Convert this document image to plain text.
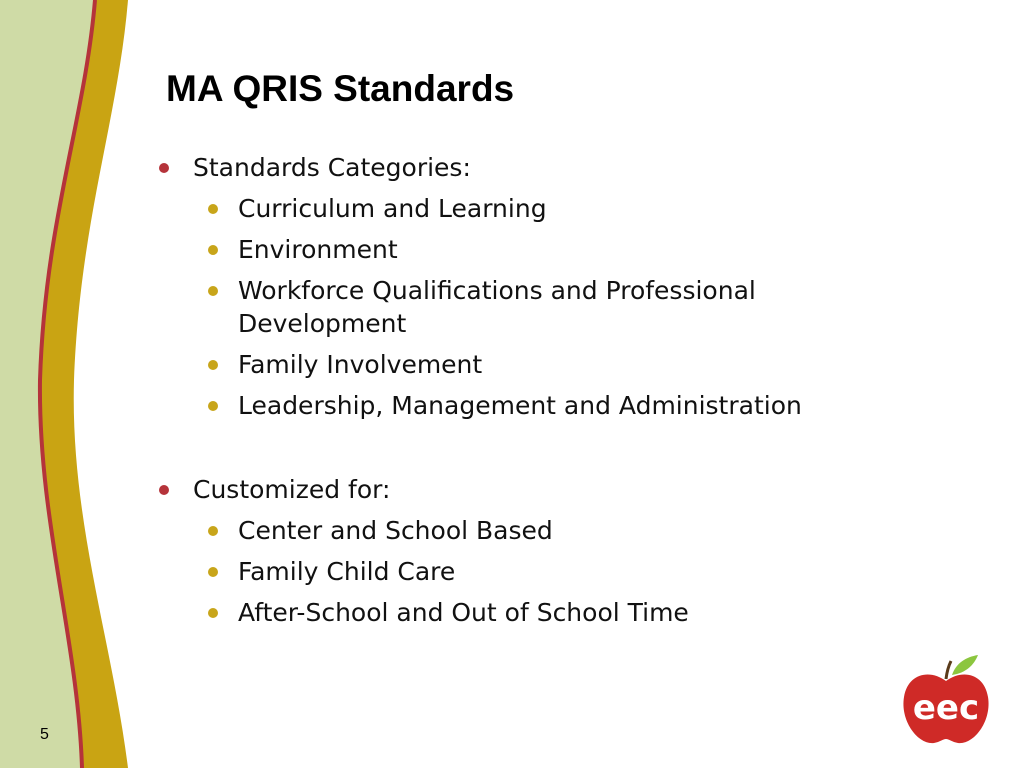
MA QRIS Standards
Standards Categories:
Curriculum and Learning
Environment
Workforce Qualifications and Professional
Development
Family Involvement
Leadership, Management and Administration
Customized for:
Center and School Based
Family Child Care
After-School and Out of School Time
5
eec
